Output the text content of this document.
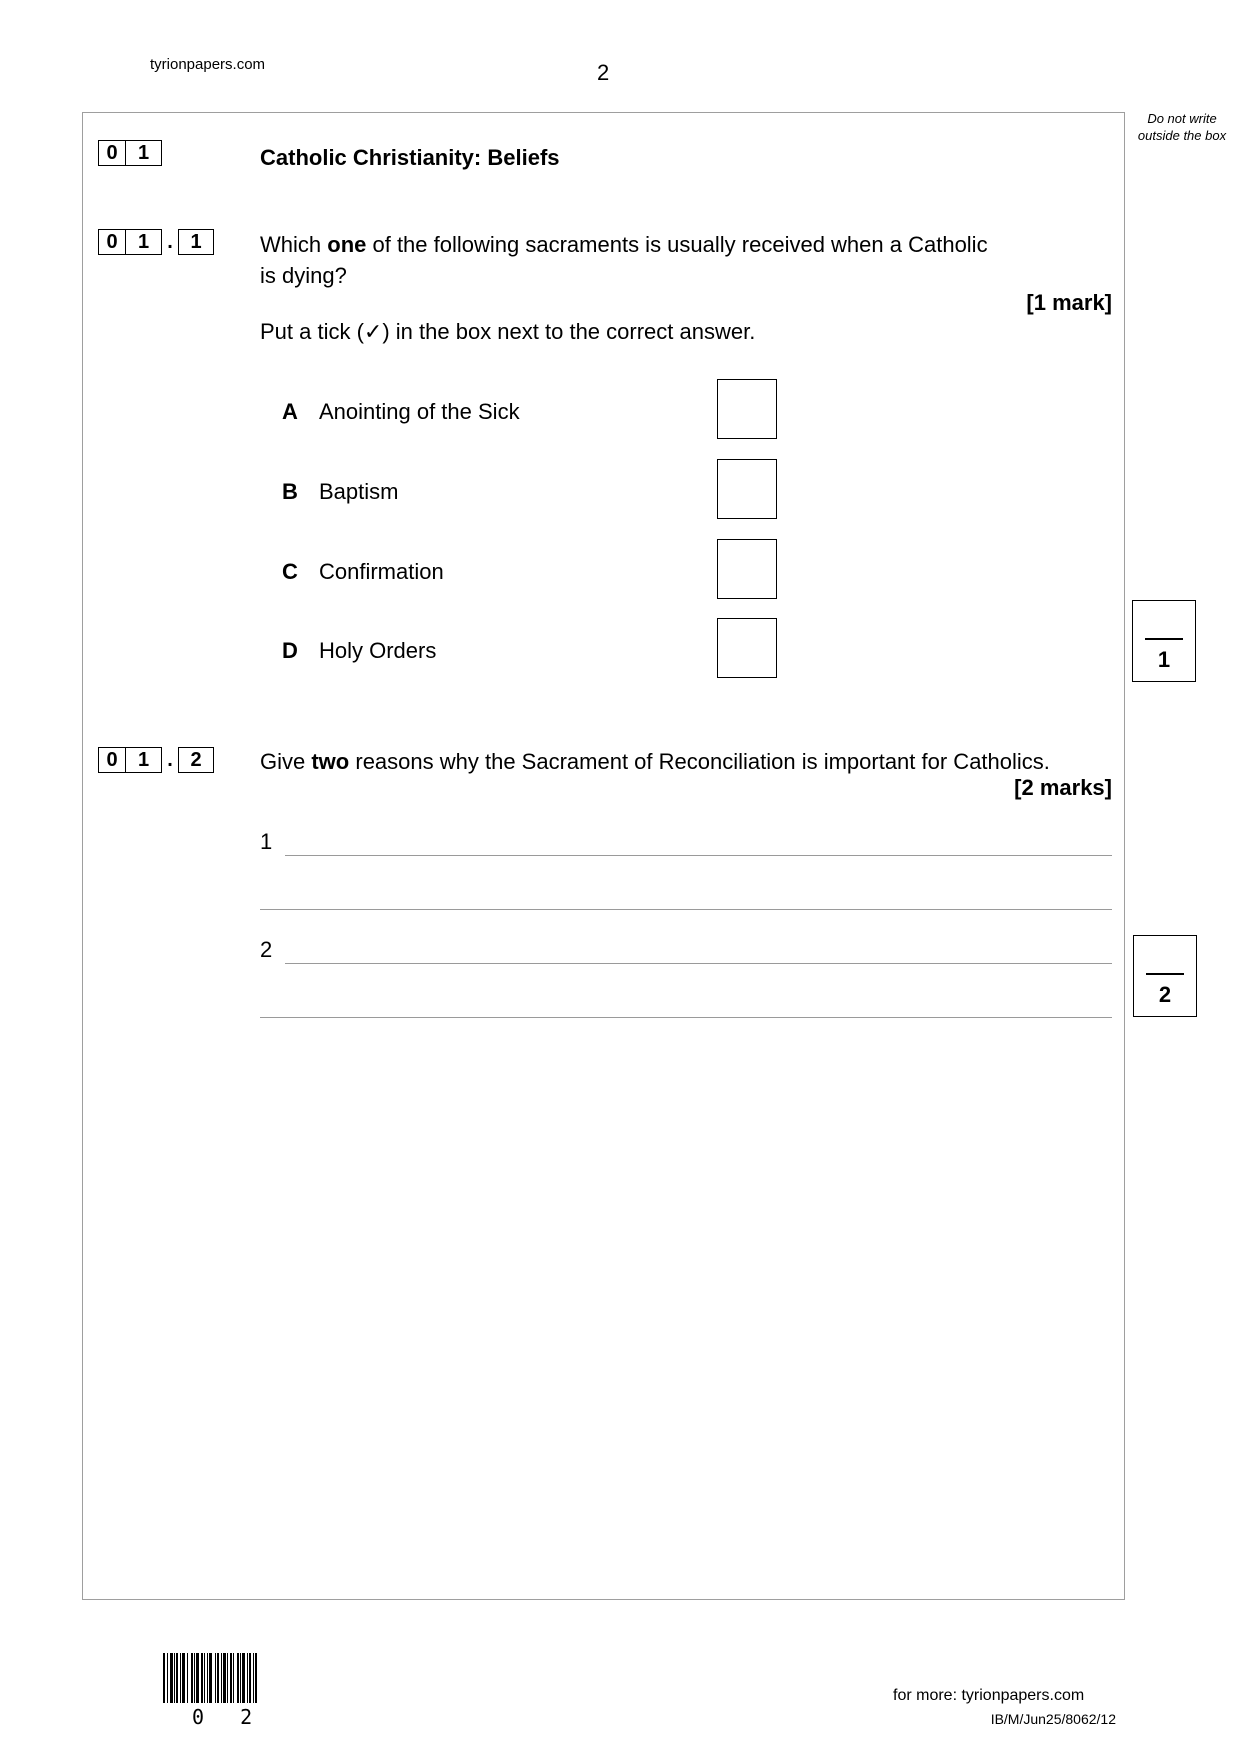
tyrionpapers.com	2
Do not write outside the box
0	1	Catholic Christianity: Beliefs
0	1 . 1	Which one of the following sacraments is usually received when a Catholic
is dying?
[1 mark]
Put a tick (✓) in the box next to the correct answer.
A Anointing of the Sick
B Baptism
C Confirmation
D Holy Orders	1
0	1 . 2	Give two reasons why the Sacrament of Reconciliation is important for Catholics.
[2 marks]
1
2
2
0 2
for more: tyrionpapers.com
IB/M/Jun25/8062/12
